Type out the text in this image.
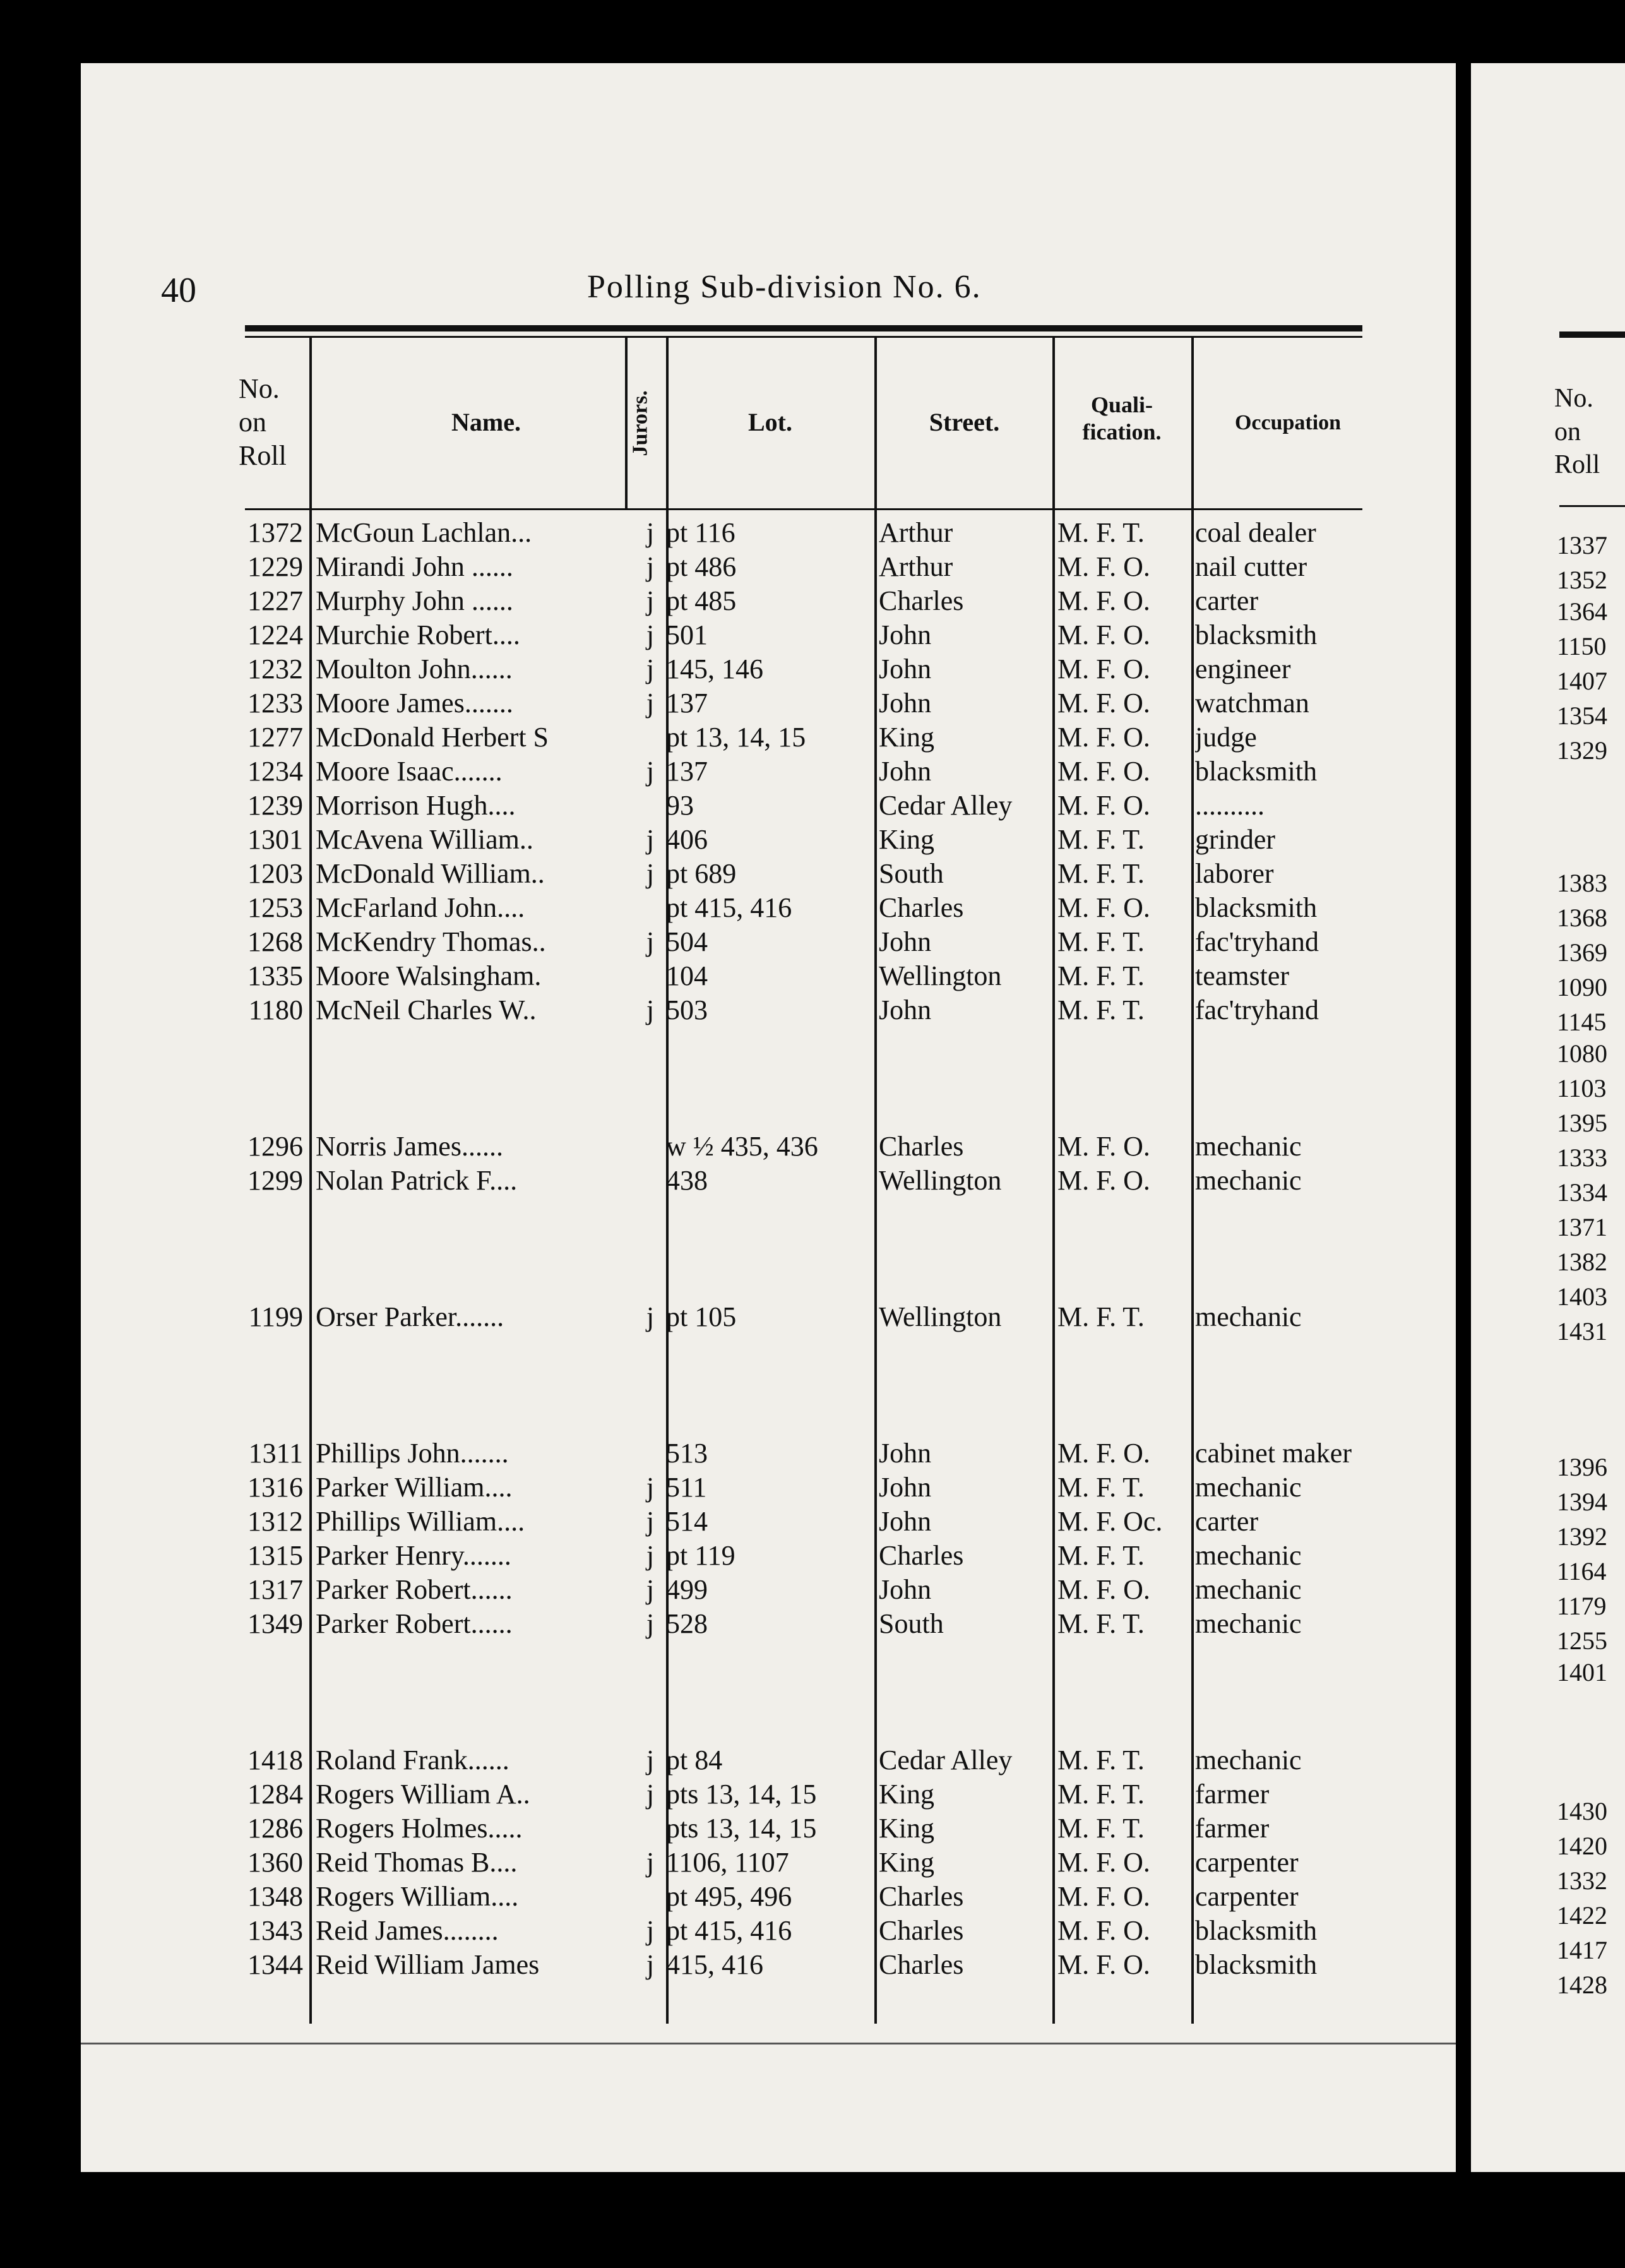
40	Polling Sub-division No. 6.
No. on Roll
Name.	Jurors.	Lot.	Street.
Quali-fication.	Occupation
1372 McGoun Lachlan...	j pt 116	Arthur	M. F. T.	coal dealer
1229 Mirandi John ......	j pt 486	Arthur	M. F. O.	nail cutter
1227 Murphy John ......	j pt 485	Charles	M. F. O.	carter
1224 Murchie Robert....	j 501	John	M. F. O.	blacksmith
1232 Moulton John......	j 145, 146	John	M. F. O.	engineer
1233 Moore James.......	j 137	John	M. F. O.	watchman
1277 McDonald Herbert S	pt 13, 14, 15	King	M. F. O.	judge
1234 Moore Isaac.......	j 137	John	M. F. O.	blacksmith
1239 Morrison Hugh....	93	Cedar Alley	M. F. O.	..........
1301 McAvena William..	j 406	King	M. F. T.	grinder
1203 McDonald William..	j pt 689	South	M. F. T.	laborer
1253 McFarland John....	pt 415, 416	Charles	M. F. O.	blacksmith
1268 McKendry Thomas..	j 504	John	M. F. T.	fac'tryhand
1335 Moore Walsingham.	104	Wellington	M. F. T.	teamster
1180 McNeil Charles W..	j 503	John	M. F. T.	fac'tryhand
1296 Norris James......	w ½ 435, 436	Charles	M. F. O.	mechanic
1299 Nolan Patrick F....	438	Wellington	M. F. O.	mechanic
1199 Orser Parker.......	j pt 105	Wellington	M. F. T.	mechanic
1311 Phillips John.......	513	John	M. F. O.	cabinet maker
1316 Parker William....	j 511	John	M. F. T.	mechanic
1312 Phillips William....	j 514	John	M. F. Oc.	carter
1315 Parker Henry.......	j pt 119	Charles	M. F. T.	mechanic
1317 Parker Robert......	j 499	John	M. F. O.	mechanic
1349 Parker Robert......	j 528	South	M. F. T.	mechanic
1418 Roland Frank......	j pt 84	Cedar Alley	M. F. T.	mechanic
1284 Rogers William A..	j pts 13, 14, 15	King	M. F. T.	farmer
1286 Rogers Holmes.....	pts 13, 14, 15	King	M. F. T.	farmer
1360 Reid Thomas B....	j 1106, 1107	King	M. F. O.	carpenter
1348 Rogers William....	pt 495, 496	Charles	M. F. O.	carpenter
1343 Reid James........	j pt 415, 416	Charles	M. F. O.	blacksmith
1344 Reid William James	j 415, 416	Charles	M. F. O.	blacksmith
No. on Roll
1337
1352
1364
1150
1407
1354
1329
1383
1368
1369
1090
1145
1080
1103
1395
1333
1334
1371
1382
1403
1431
1396
1394
1392
1164
1179
1255
1401
1430
1420
1332
1422
1417
1428
